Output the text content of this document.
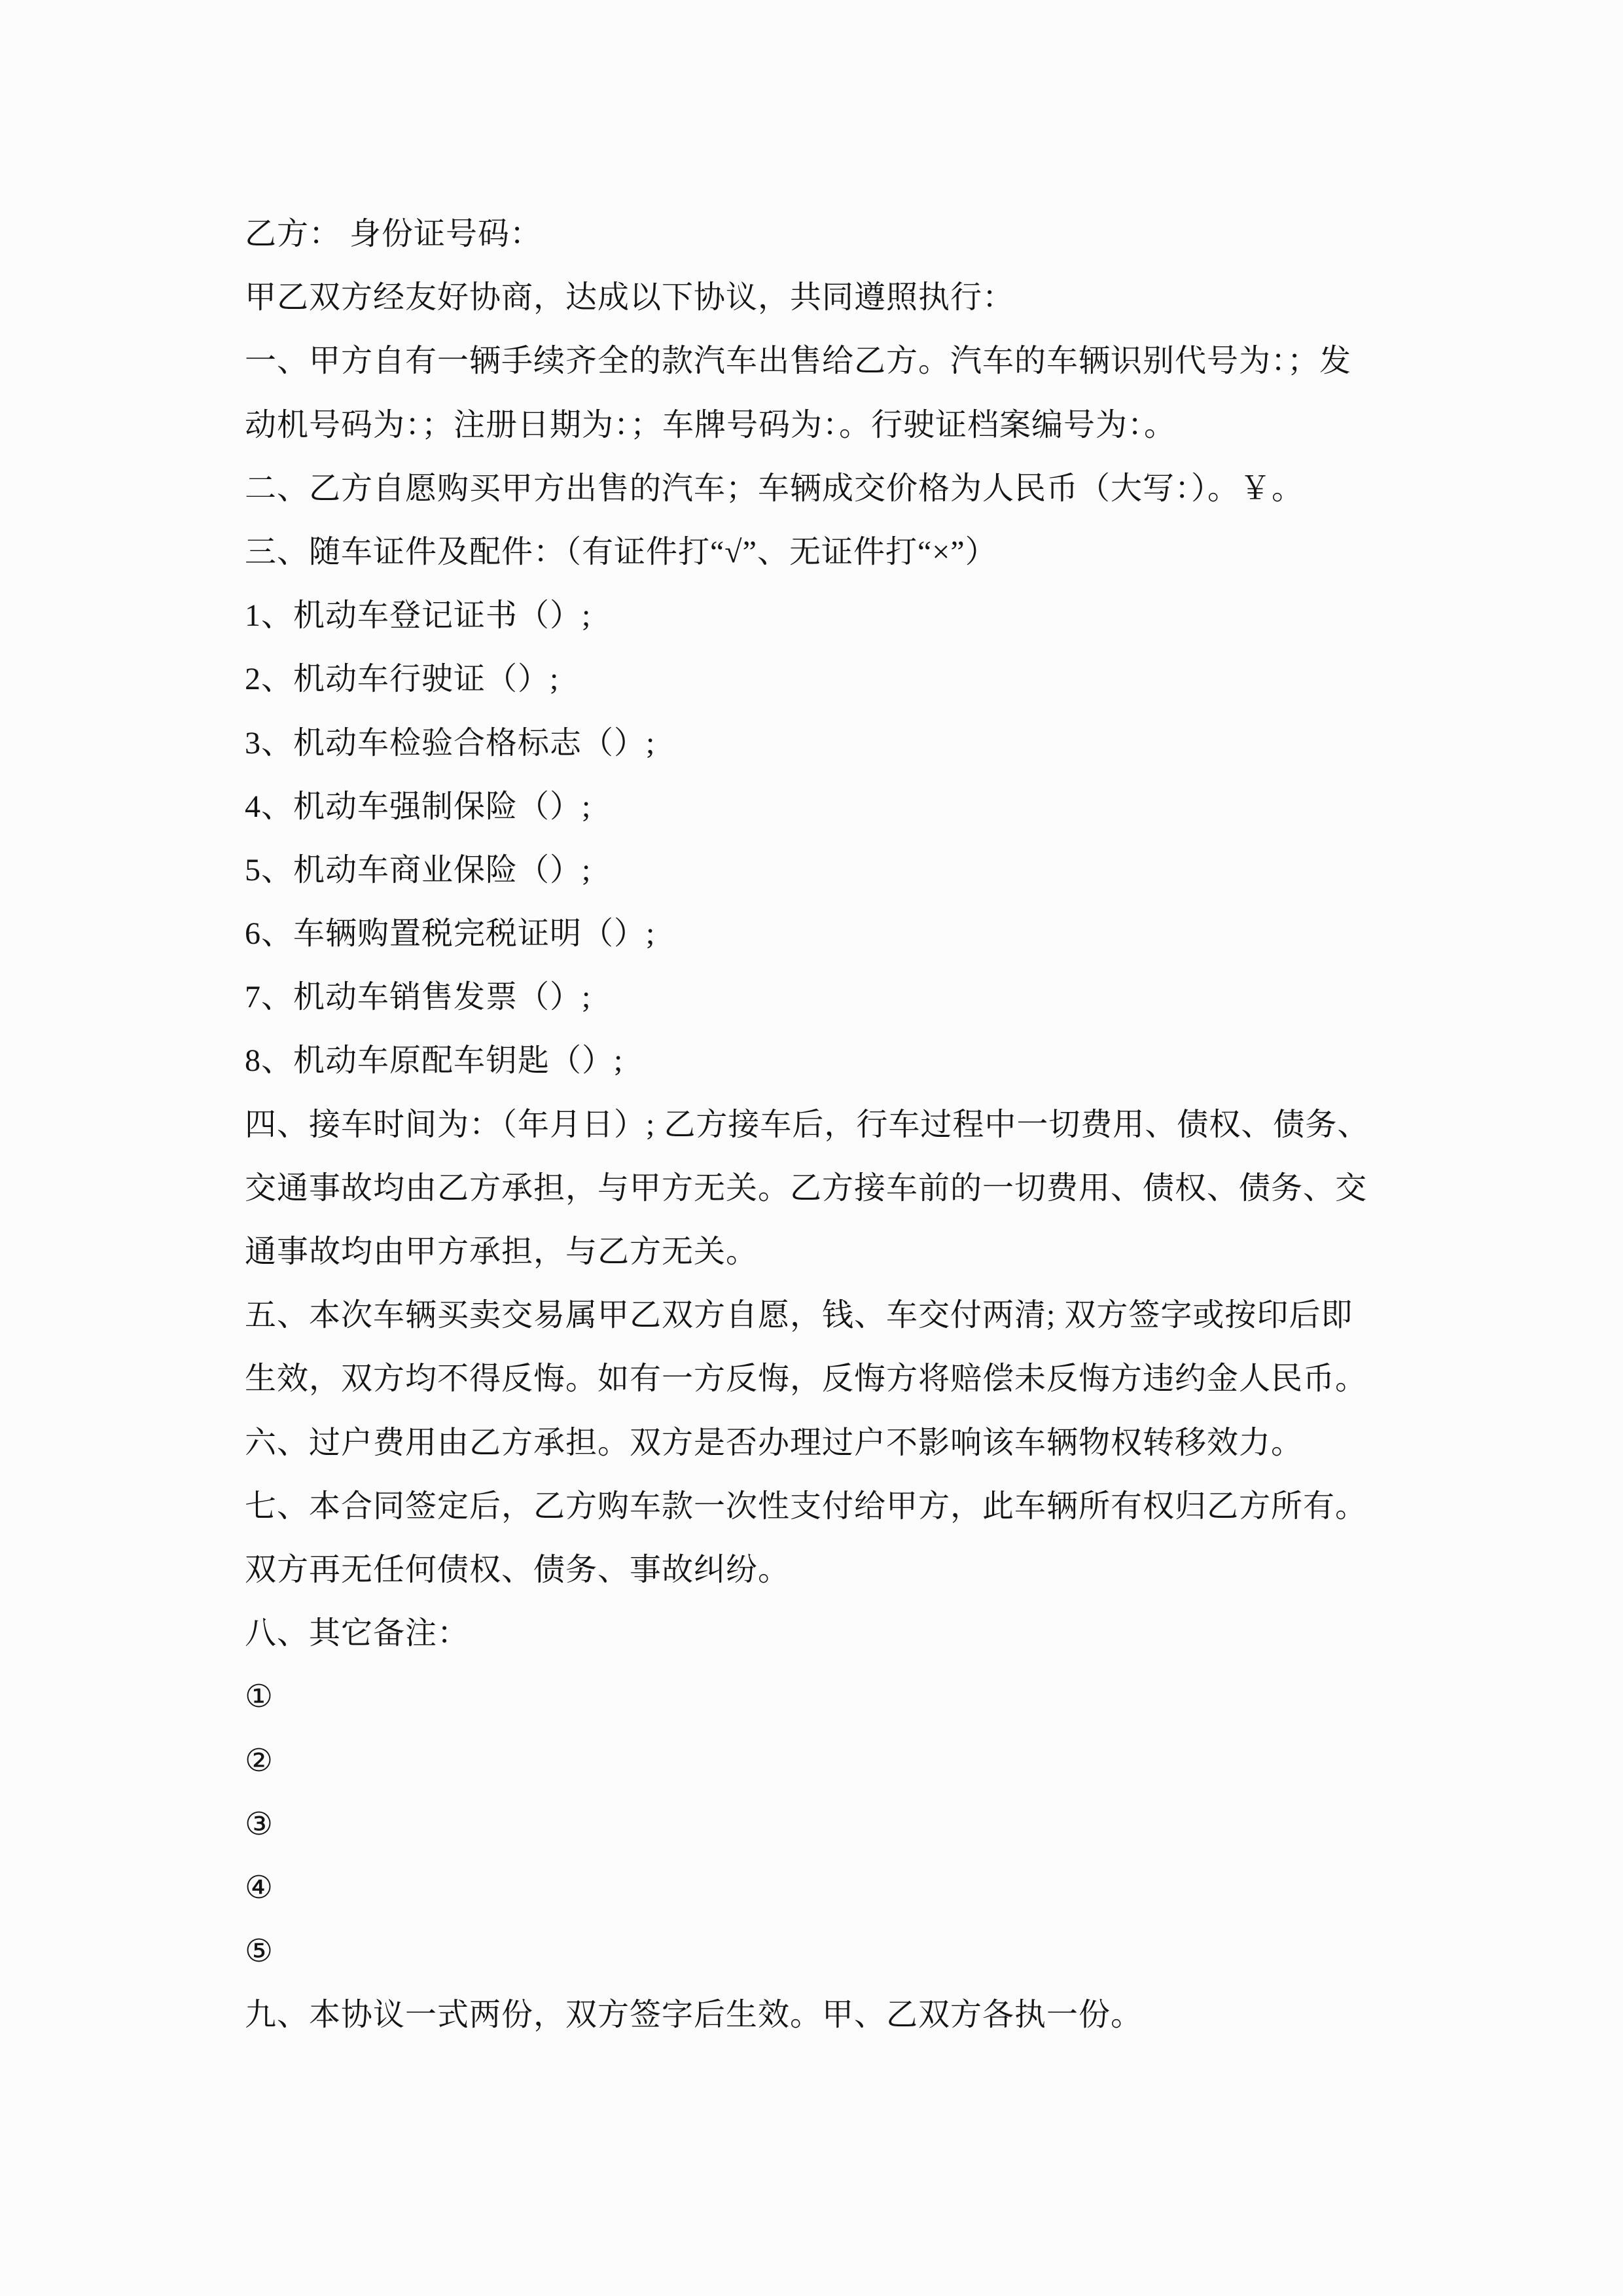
乙方： 身份证号码：
甲乙双方经友好协商，达成以下协议，共同遵照执行：
一、甲方自有一辆手续齐全的款汽车出售给乙方。汽车的车辆识别代号为：；发
动机号码为：；注册日期为：；车牌号码为：。行驶证档案编号为：。
二、乙方自愿购买甲方出售的汽车；车辆成交价格为人民币（大写：）。￥。
三、随车证件及配件：（有证件打“√”、无证件打“×”）
1、机动车登记证书（）;
2、机动车行驶证（）;
3、机动车检验合格标志（）;
4、机动车强制保险（）;
5、机动车商业保险（）;
6、车辆购置税完税证明（）;
7、机动车销售发票（）;
8、机动车原配车钥匙（）;
四、接车时间为：（年月日）; 乙方接车后，行车过程中一切费用、债权、债务、
交通事故均由乙方承担，与甲方无关。乙方接车前的一切费用、债权、债务、交
通事故均由甲方承担，与乙方无关。
五、本次车辆买卖交易属甲乙双方自愿，钱、车交付两清; 双方签字或按印后即
生效，双方均不得反悔。如有一方反悔，反悔方将赔偿未反悔方违约金人民币。
六、过户费用由乙方承担。双方是否办理过户不影响该车辆物权转移效力。
七、本合同签定后，乙方购车款一次性支付给甲方，此车辆所有权归乙方所有。
双方再无任何债权、债务、事故纠纷。
八、其它备注：
①
②
③
④
⑤
九、本协议一式两份，双方签字后生效。甲、乙双方各执一份。
